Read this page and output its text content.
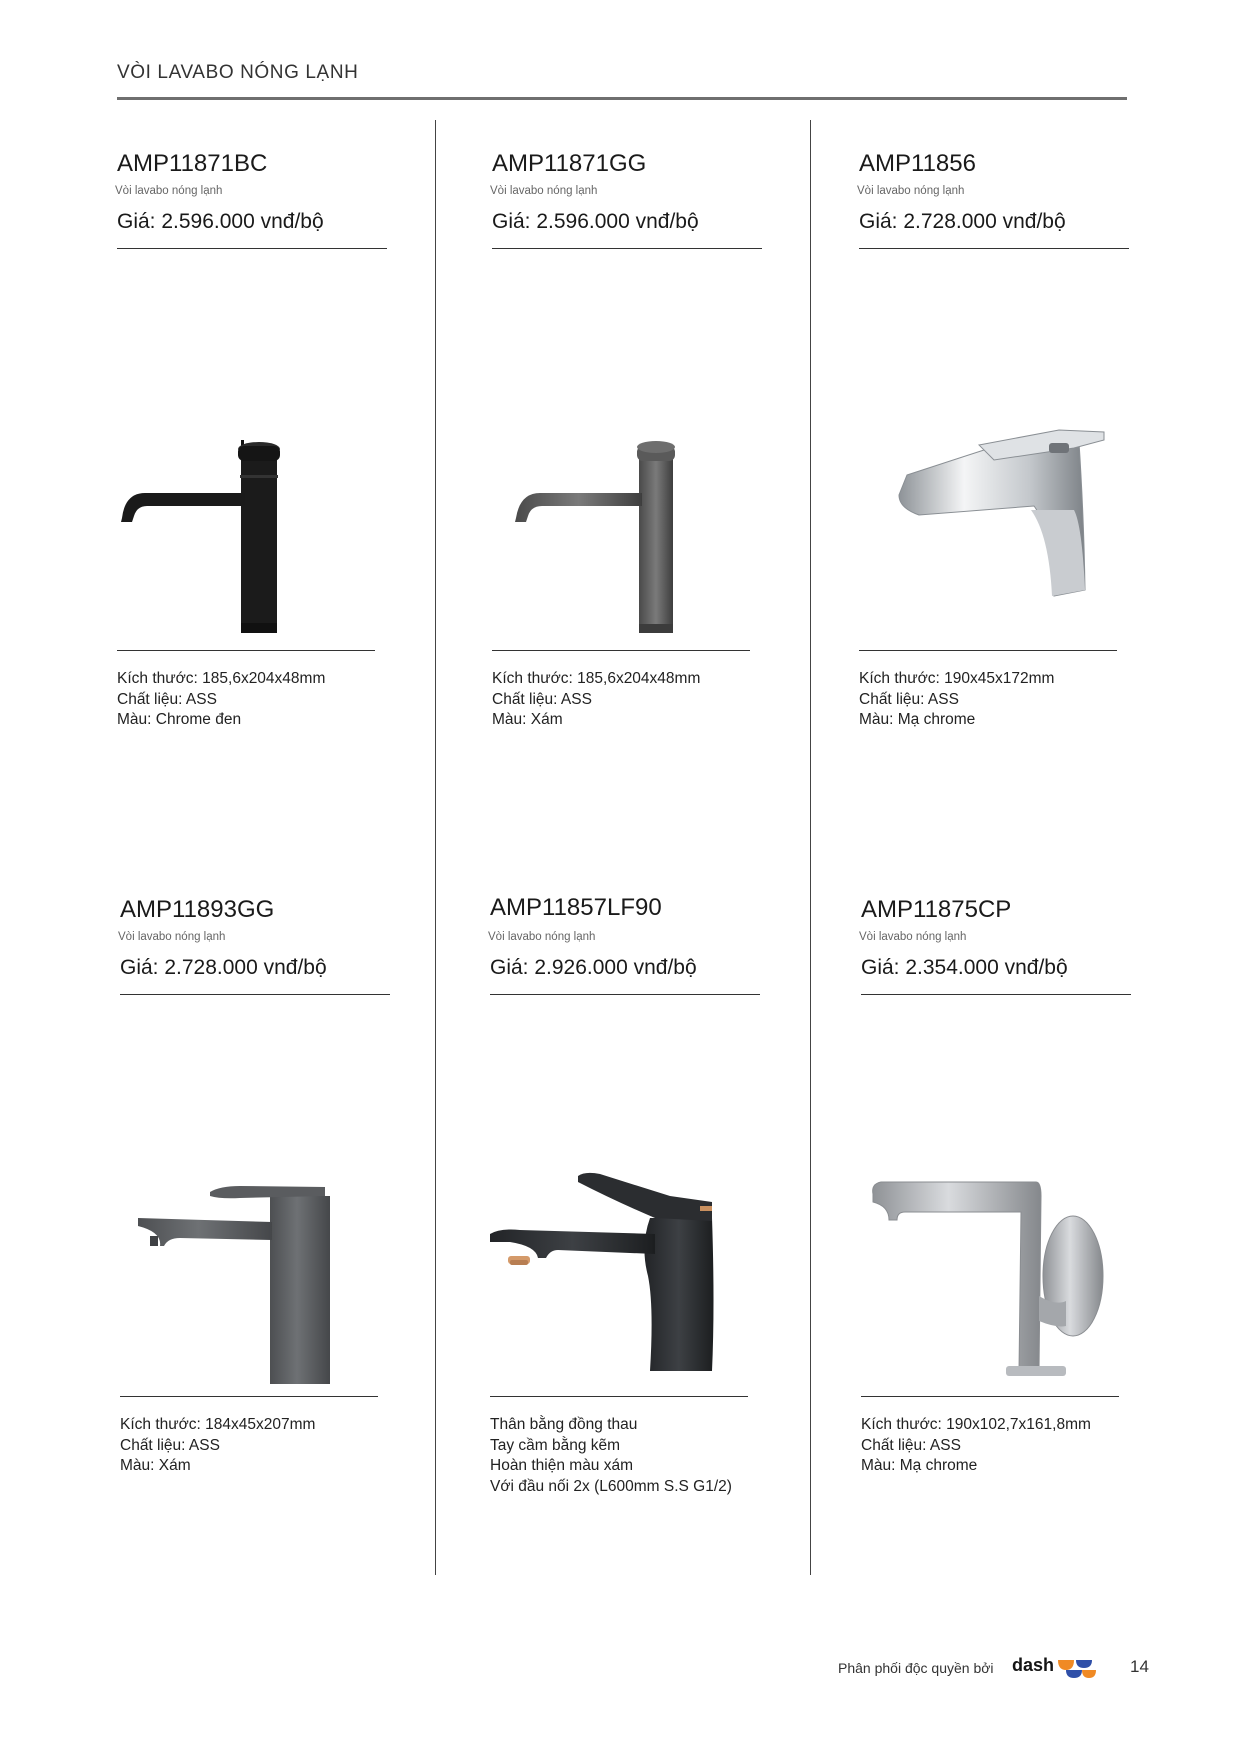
VÒI LAVABO NÓNG LẠNH
AMP11871BC
Vòi lavabo nóng lạnh
Giá: 2.596.000 vnđ/bộ
Kích thước: 185,6x204x48mm
Chất liệu: ASS
Màu: Chrome đen
AMP11871GG
Vòi lavabo nóng lạnh
Giá: 2.596.000 vnđ/bộ
Kích thước: 185,6x204x48mm
Chất liệu: ASS
Màu: Xám
AMP11856
Vòi lavabo nóng lạnh
Giá: 2.728.000 vnđ/bộ
Kích thước: 190x45x172mm
Chất liệu: ASS
Màu: Mạ chrome
AMP11893GG
Vòi lavabo nóng lạnh
Giá: 2.728.000 vnđ/bộ
Kích thước: 184x45x207mm
Chất liệu: ASS
Màu: Xám
AMP11857LF90
Vòi lavabo nóng lạnh
Giá: 2.926.000 vnđ/bộ
Thân bằng đồng thau
Tay cầm bằng kẽm
Hoàn thiện màu xám
Với đầu nối 2x (L600mm S.S G1/2)
AMP11875CP
Vòi lavabo nóng lạnh
Giá: 2.354.000 vnđ/bộ
Kích thước: 190x102,7x161,8mm
Chất liệu: ASS
Màu: Mạ chrome
Phân phối độc quyền bởi dash	14
